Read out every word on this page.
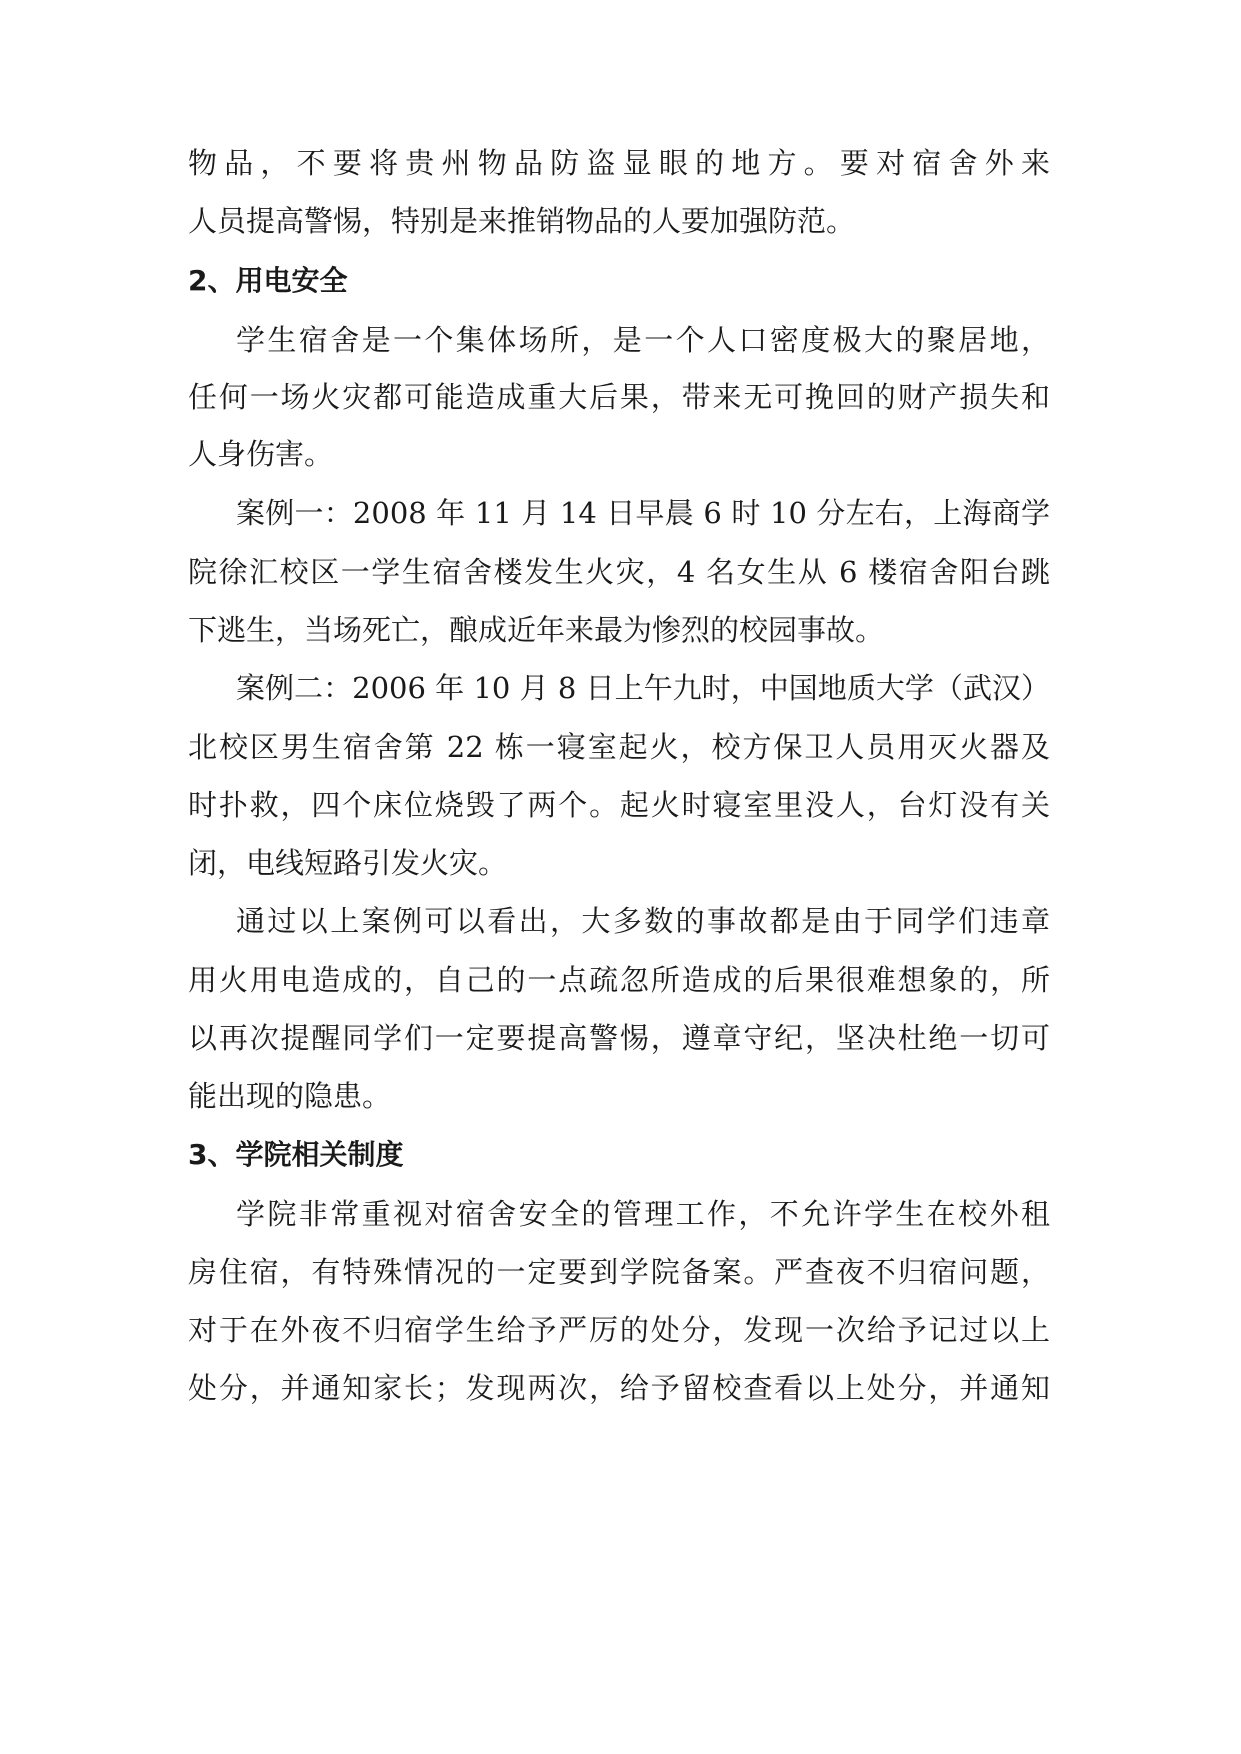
物品，不要将贵州物品防盗显眼的地方。要对宿舍外来

人员提高警惕，特别是来推销物品的人要加强防范。

2、用电安全

学生宿舍是一个集体场所，是一个人口密度极大的聚居地，

任何一场火灾都可能造成重大后果，带来无可挽回的财产损失和

人身伤害。

案例一：2008 年 11 月 14 日早晨 6 时 10 分左右，上海商学

院徐汇校区一学生宿舍楼发生火灾，4 名女生从 6 楼宿舍阳台跳

下逃生，当场死亡，酿成近年来最为惨烈的校园事故。

案例二：2006 年 10 月 8 日上午九时，中国地质大学（武汉）

北校区男生宿舍第 22 栋一寝室起火，校方保卫人员用灭火器及

时扑救，四个床位烧毁了两个。起火时寝室里没人，台灯没有关

闭，电线短路引发火灾。

通过以上案例可以看出，大多数的事故都是由于同学们违章

用火用电造成的，自己的一点疏忽所造成的后果很难想象的，所

以再次提醒同学们一定要提高警惕，遵章守纪，坚决杜绝一切可

能出现的隐患。

3、学院相关制度

学院非常重视对宿舍安全的管理工作，不允许学生在校外租

房住宿，有特殊情况的一定要到学院备案。严查夜不归宿问题，

对于在外夜不归宿学生给予严厉的处分，发现一次给予记过以上

处分，并通知家长；发现两次，给予留校查看以上处分，并通知
